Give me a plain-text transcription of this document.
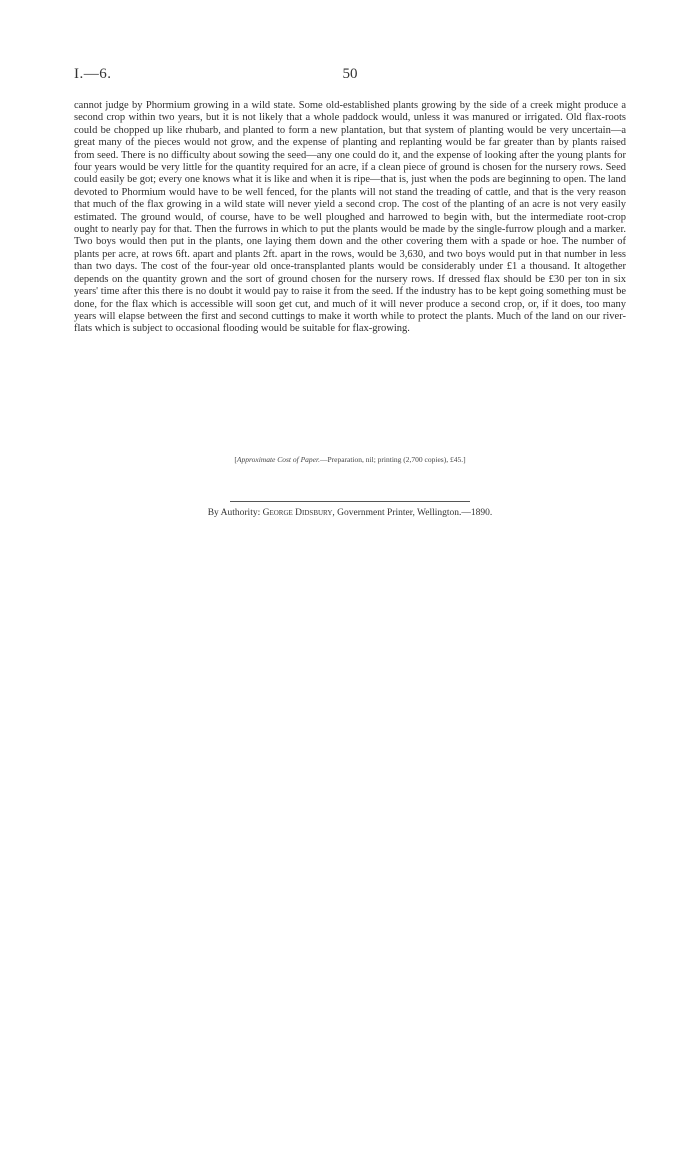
I.—6.	50

cannot judge by Phormium growing in a wild state. Some old-established plants growing by the side of a creek might produce a second crop within two years, but it is not likely that a whole paddock would, unless it was manured or irrigated. Old flax-roots could be chopped up like rhubarb, and planted to form a new plantation, but that system of planting would be very uncertain—a great many of the pieces would not grow, and the expense of planting and replanting would be far greater than by plants raised from seed. There is no difficulty about sowing the seed—any one could do it, and the expense of looking after the young plants for four years would be very little for the quantity required for an acre, if a clean piece of ground is chosen for the nursery rows. Seed could easily be got; every one knows what it is like and when it is ripe—that is, just when the pods are beginning to open. The land devoted to Phormium would have to be well fenced, for the plants will not stand the treading of cattle, and that is the very reason that much of the flax growing in a wild state will never yield a second crop. The cost of the planting of an acre is not very easily estimated. The ground would, of course, have to be well ploughed and harrowed to begin with, but the intermediate root-crop ought to nearly pay for that. Then the furrows in which to put the plants would be made by the single-furrow plough and a marker. Two boys would then put in the plants, one laying them down and the other covering them with a spade or hoe. The number of plants per acre, at rows 6ft. apart and plants 2ft. apart in the rows, would be 3,630, and two boys would put in that number in less than two days. The cost of the four-year old once-transplanted plants would be considerably under £1 a thousand. It altogether depends on the quantity grown and the sort of ground chosen for the nursery rows. If dressed flax should be £30 per ton in six years' time after this there is no doubt it would pay to raise it from the seed. If the industry has to be kept going something must be done, for the flax which is accessible will soon get cut, and much of it will never produce a second crop, or, if it does, too many years will elapse between the first and second cuttings to make it worth while to protect the plants. Much of the land on our river-flats which is subject to occasional flooding would be suitable for flax-growing.

[Approximate Cost of Paper.—Preparation, nil; printing (2,700 copies), £45.]
By Authority: George Didsbury, Government Printer, Wellington.—1890.
